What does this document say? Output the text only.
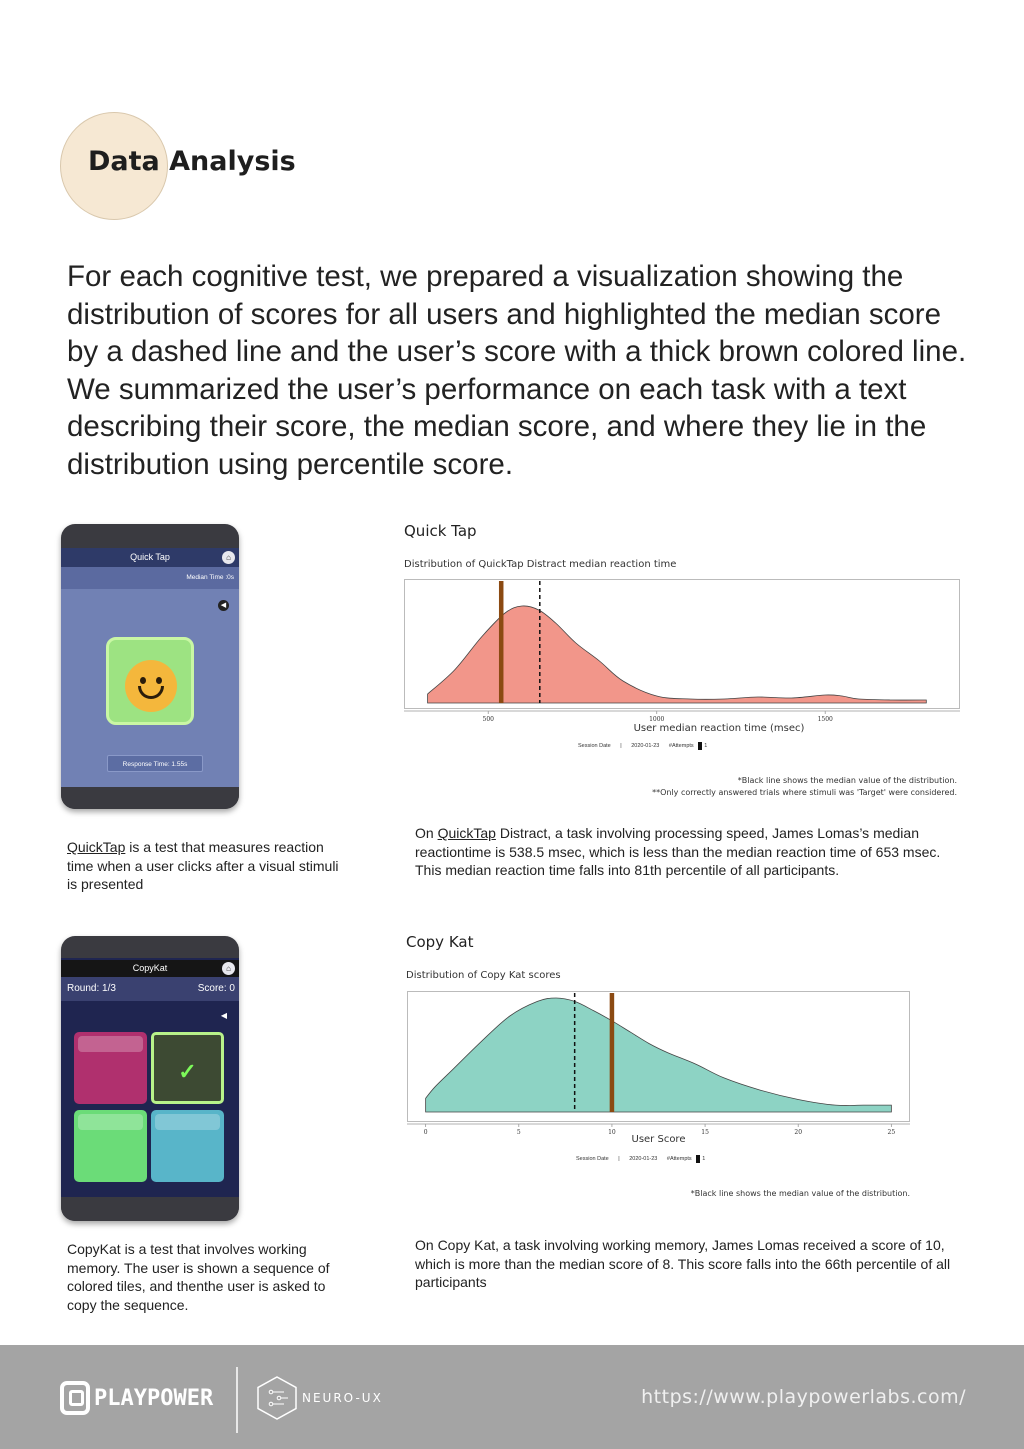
Data Analysis

For each cognitive test, we prepared a visualization showing the distribution of scores for all users and highlighted the median score by a dashed line and the user’s score with a thick brown colored line. We summarized the user’s performance on each task with a text describing their score, the median score, and where they lie in the distribution using percentile score.

Median Time :0s
◀
Response Time: 1.55s
Quick Tap	⌂
Quick Tap
Distribution of QuickTap Distract median reaction time
500	1000	1500
User median reaction time (msec)
Session Date | 2020-01-23 #Attempts 1
*Black line shows the median value of the distribution.
**Only correctly answered trials where stimuli was 'Target' were considered.

QuickTap is a test that measures reaction time when a user clicks after a visual stimuli is presented

On QuickTap Distract, a task involving processing speed, James Lomas’s median reactiontime is 538.5 msec, which is less than the median reaction time of 653 msec. This median reaction time falls into 81th percentile of all participants.

Round: 1/3	Score: 0
◀
✓
CopyKat	⌂
Copy Kat
Distribution of Copy Kat scores
0	5	10	15	20	25
User Score
Session Date | 2020-01-23 #Attempts 1
*Black line shows the median value of the distribution.

CopyKat is a test that involves working memory. The user is shown a sequence of colored tiles, and thenthe user is asked to copy the sequence.

On Copy Kat, a task involving working memory, James Lomas received a score of 10, which is more than the median score of 8. This score falls into the 66th percentile of all participants

PLAYPOWER	NEURO-UX	https://www.playpowerlabs.com/
